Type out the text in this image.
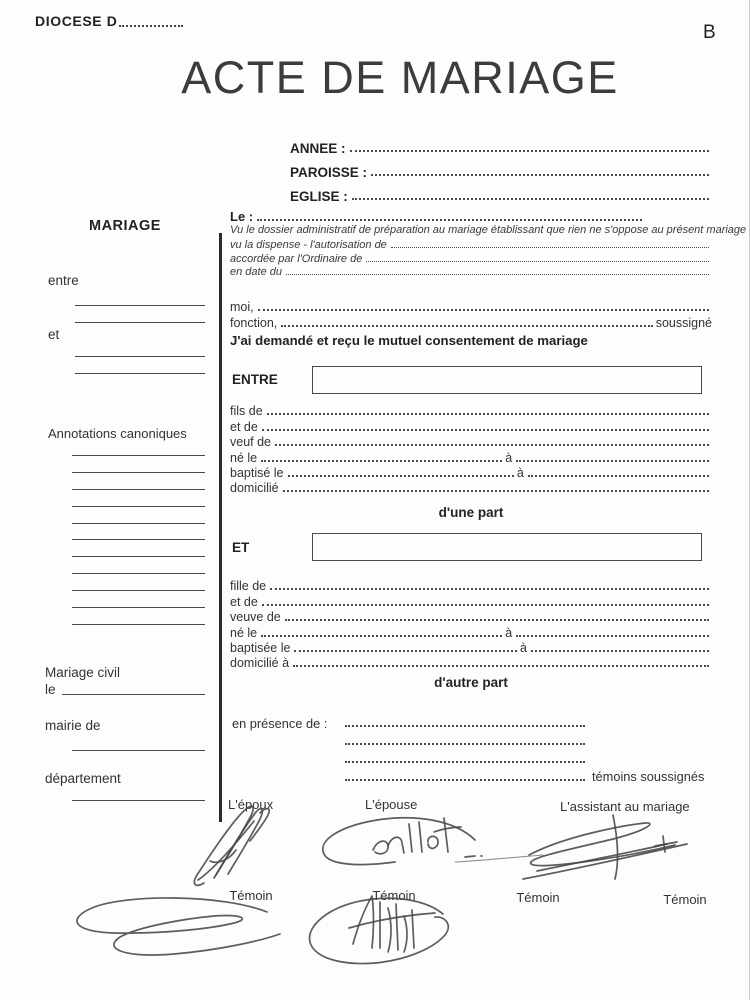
DIOCESE D
B
ACTE DE MARIAGE
ANNEE :
PAROISSE :
EGLISE :
MARIAGE
entre
et
Annotations canoniques
Mariage civil
le
mairie de
département
Le :
Vu le dossier administratif de préparation au mariage établissant que rien ne s'oppose au présent mariage
vu la dispense - l'autorisation de
accordée par l'Ordinaire de
en date du
moi,
fonction,	soussigné
J'ai demandé et reçu le mutuel consentement de mariage
ENTRE
fils de
et de
veuf de
né le	à
baptisé le	à
domicilié
d'une part
ET
fille de
et de
veuve de
né le	à
baptisée le	à
domicilié à
d'autre part
en présence de :
témoins soussignés
L'époux	L'épouse	L'assistant au mariage
Témoin	Témoin	Témoin	Témoin
